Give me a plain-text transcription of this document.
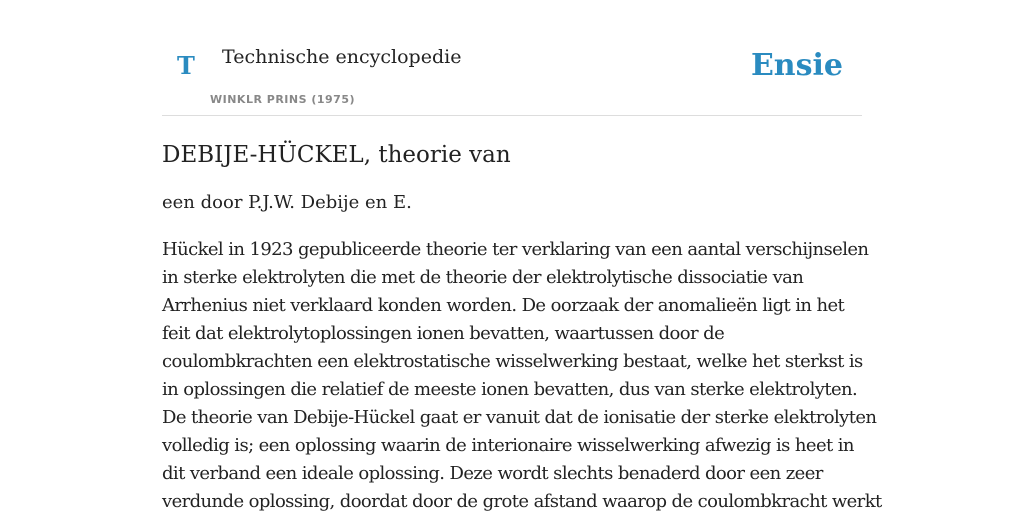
T Technische encyclopedie
WINKLR PRINS (1975)
Ensie
DEBIJE-HÜCKEL, theorie van

een door P.J.W. Debije en E.

Hückel in 1923 gepubliceerde theorie ter verklaring van een aantal verschijnselen
in sterke elektrolyten die met de theorie der elektrolytische dissociatie van
Arrhenius niet verklaard konden worden. De oorzaak der anomalieën ligt in het
feit dat elektrolytoplossingen ionen bevatten, waartussen door de
coulombkrachten een elektrostatische wisselwerking bestaat, welke het sterkst is
in oplossingen die relatief de meeste ionen bevatten, dus van sterke elektrolyten.
De theorie van Debije-Hückel gaat er vanuit dat de ionisatie der sterke elektrolyten
volledig is; een oplossing waarin de interionaire wisselwerking afwezig is heet in
dit verband een ideale oplossing. Deze wordt slechts benaderd door een zeer
verdunde oplossing, doordat door de grote afstand waarop de coulombkracht werkt
